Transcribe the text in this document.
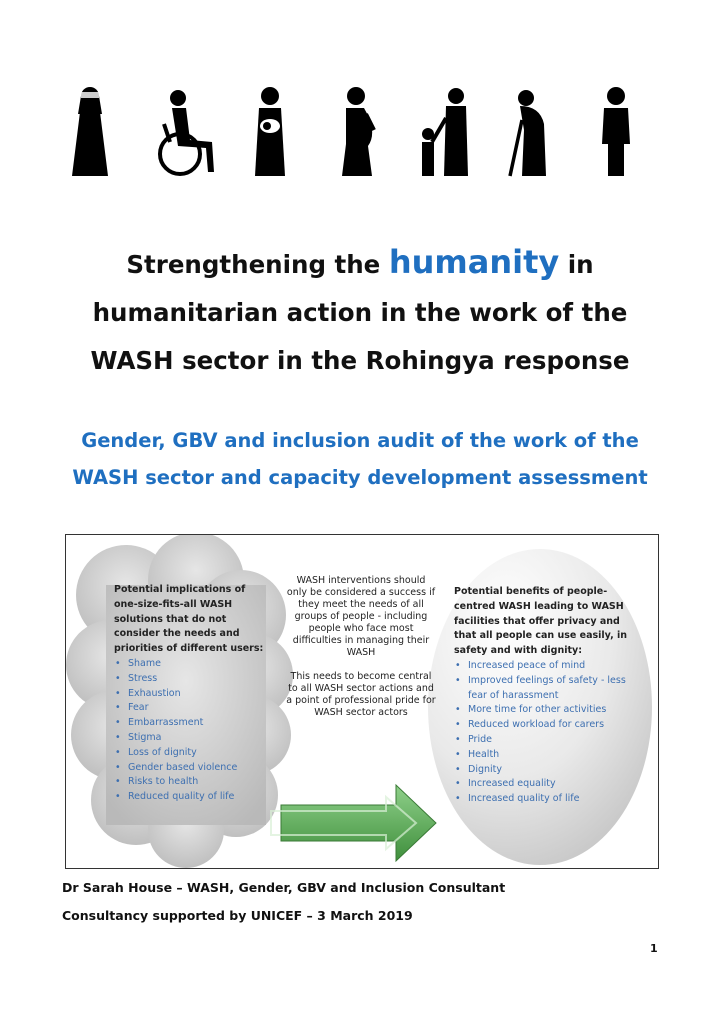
Strengthening the humanity in
humanitarian action in the work of the
WASH sector in the Rohingya response
Gender, GBV and inclusion audit of the work of the
WASH sector and capacity development assessment
Potential implications of one-size-fits-all WASH solutions that do not consider the needs and priorities of different users:
• Shame
• Stress
• Exhaustion
• Fear
• Embarrassment
• Stigma
• Loss of dignity
• Gender based violence
• Risks to health
• Reduced quality of life

WASH interventions should only be considered a success if they meet the needs of all groups of people - including people who face most difficulties in managing their WASH

This needs to become central to all WASH sector actions and a point of professional pride for WASH sector actors

Potential benefits of people-centred WASH leading to WASH facilities that offer privacy and that all people can use easily, in safety and with dignity:
• Increased peace of mind
• Improved feelings of safety - less fear of harassment
• More time for other activities
• Reduced workload for carers
• Pride
• Health
• Dignity
• Increased equality
• Increased quality of life
Dr Sarah House – WASH, Gender, GBV and Inclusion Consultant
Consultancy supported by UNICEF – 3 March 2019
1
